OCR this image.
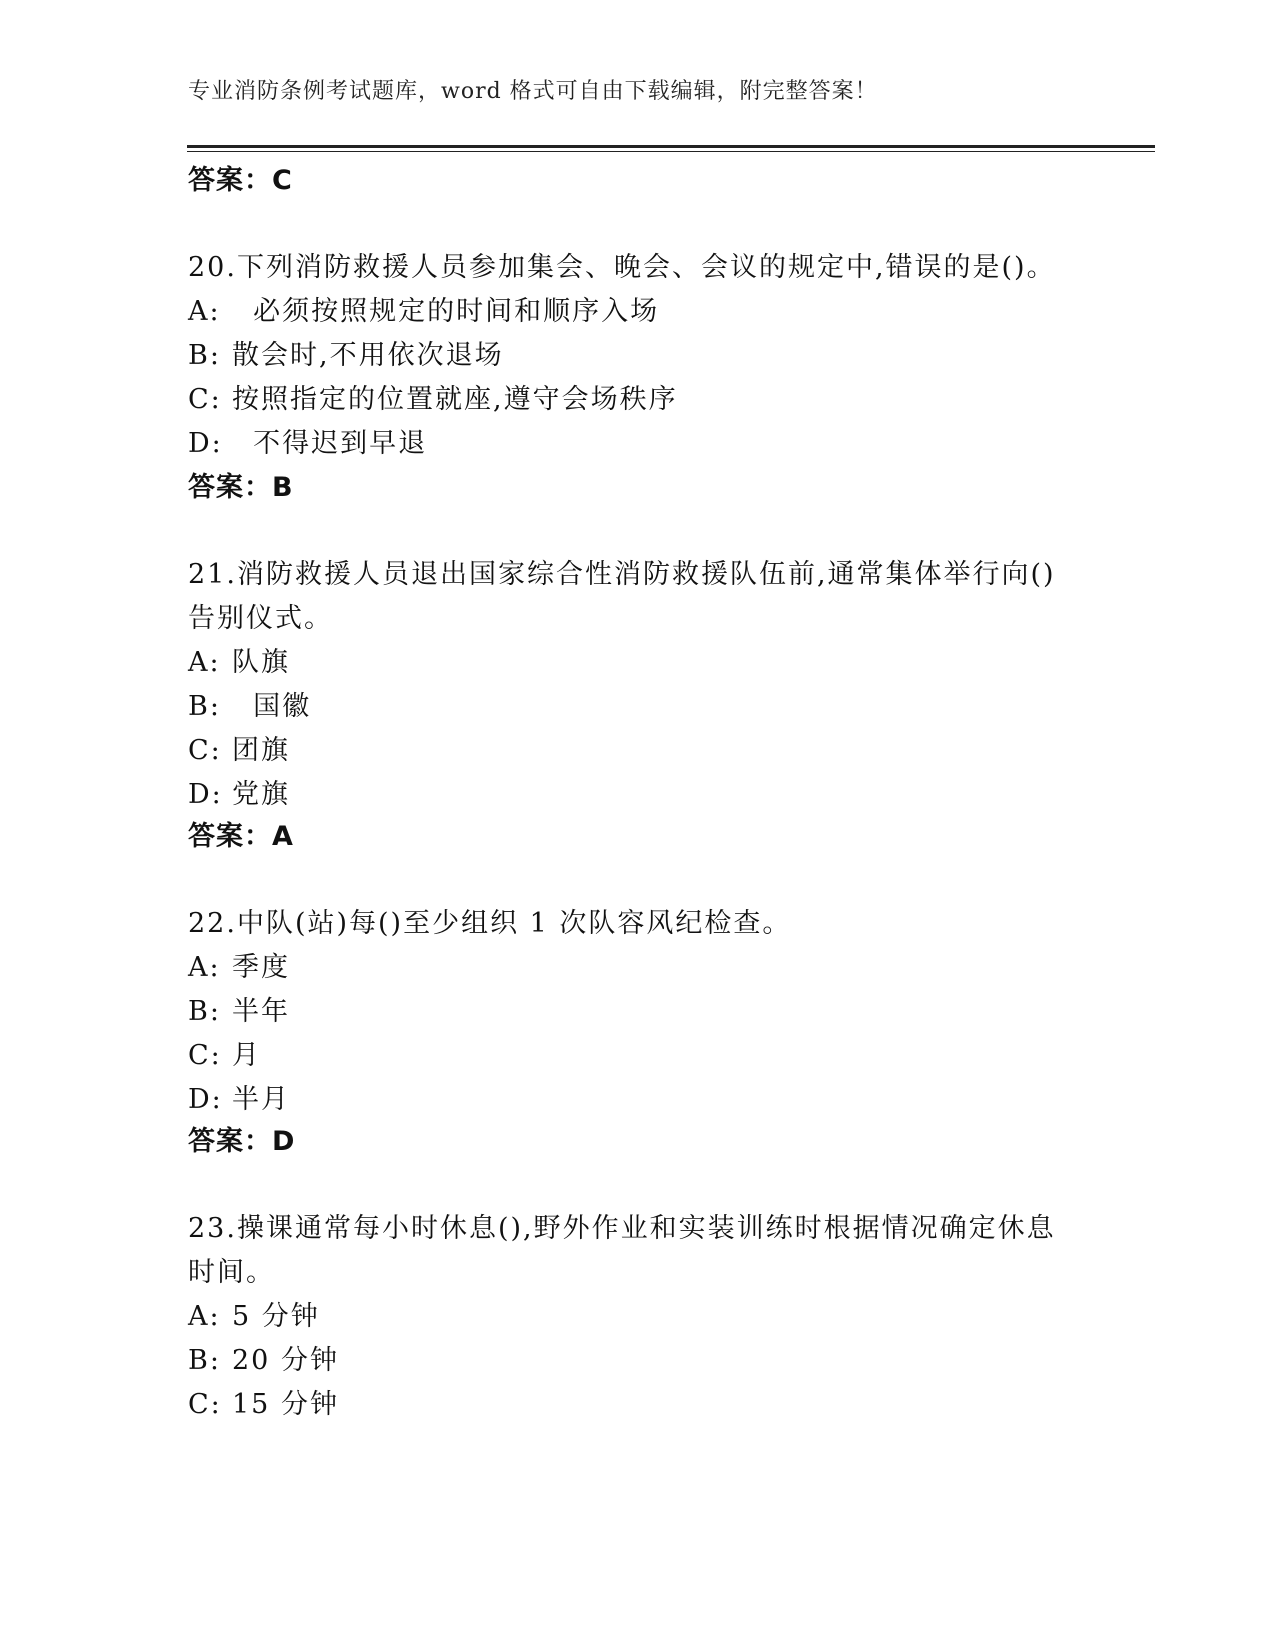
专业消防条例考试题库，word 格式可自由下载编辑，附完整答案！
答案：C
20.下列消防救援人员参加集会、晚会、会议的规定中,错误的是()。
A:  必须按照规定的时间和顺序入场
B: 散会时,不用依次退场
C: 按照指定的位置就座,遵守会场秩序
D:  不得迟到早退
答案：B
21.消防救援人员退出国家综合性消防救援队伍前,通常集体举行向()
告别仪式。
A: 队旗
B:  国徽
C: 团旗
D: 党旗
答案：A
22.中队(站)每()至少组织 1 次队容风纪检查。
A: 季度
B: 半年
C: 月
D: 半月
答案：D
23.操课通常每小时休息(),野外作业和实装训练时根据情况确定休息
时间。
A: 5 分钟
B: 20 分钟
C: 15 分钟
